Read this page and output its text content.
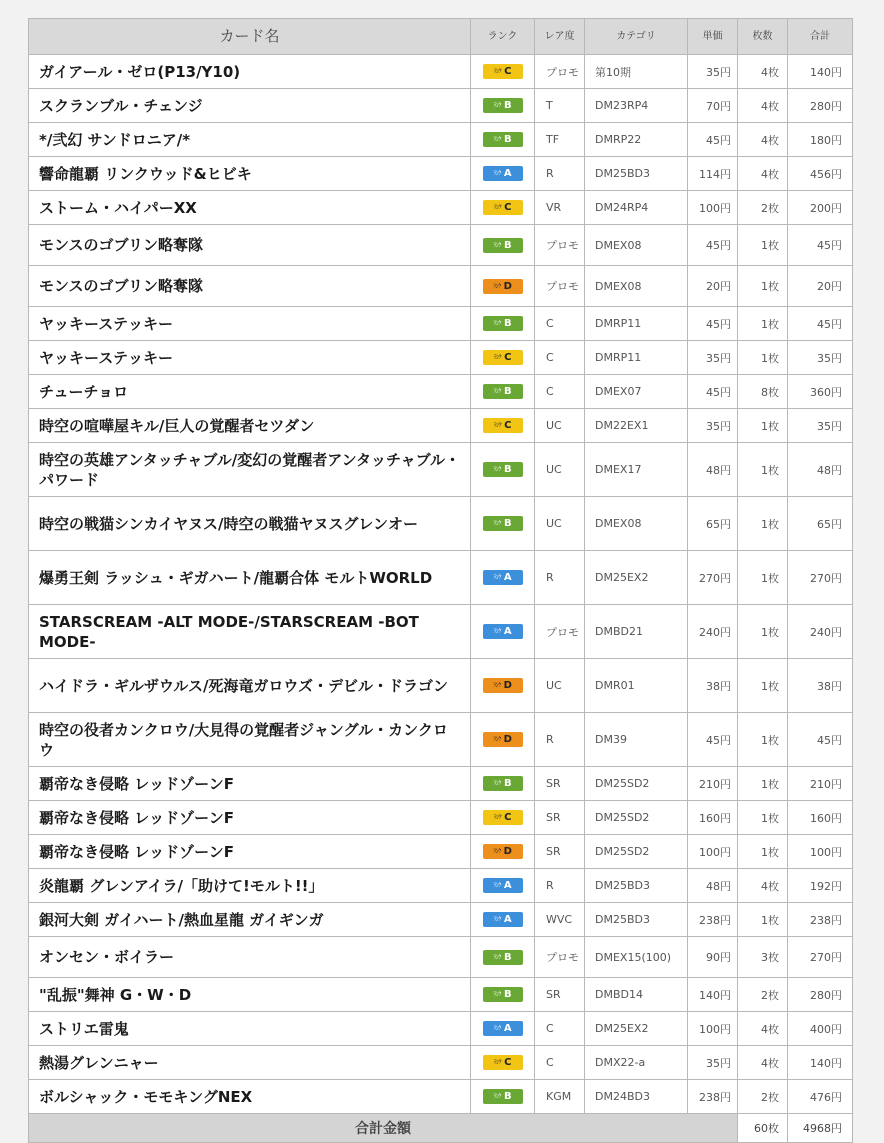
カード名	ランク	レア度	カテゴリ	単価	枚数	合計
ガイアール・ゼロ(P13/Y10)	ﾗﾝｸ C	プロモ	第10期	35円	4枚	140円
スクランブル・チェンジ	ﾗﾝｸ B	T	DM23RP4	70円	4枚	280円
*/弐幻 サンドロニア/*	ﾗﾝｸ B	TF	DMRP22	45円	4枚	180円
響命龍覇 リンクウッド&ヒビキ	ﾗﾝｸ A	R	DM25BD3	114円	4枚	456円
ストーム・ハイパーXX	ﾗﾝｸ C	VR	DM24RP4	100円	2枚	200円
モンスのゴブリン略奪隊	ﾗﾝｸ B	プロモ	DMEX08	45円	1枚	45円
モンスのゴブリン略奪隊	ﾗﾝｸ D	プロモ	DMEX08	20円	1枚	20円
ヤッキーステッキー	ﾗﾝｸ B	C	DMRP11	45円	1枚	45円
ヤッキーステッキー	ﾗﾝｸ C	C	DMRP11	35円	1枚	35円
チューチョロ	ﾗﾝｸ B	C	DMEX07	45円	8枚	360円
時空の喧嘩屋キル/巨人の覚醒者セツダン	ﾗﾝｸ C	UC	DM22EX1	35円	1枚	35円
時空の英雄アンタッチャブル/変幻の覚醒者アンタッチャブル・パワード	ﾗﾝｸ B	UC	DMEX17	48円	1枚	48円
時空の戦猫シンカイヤヌス/時空の戦猫ヤヌスグレンオー	ﾗﾝｸ B	UC	DMEX08	65円	1枚	65円
爆勇王剣 ラッシュ・ギガハート/龍覇合体 モルトWORLD	ﾗﾝｸ A	R	DM25EX2	270円	1枚	270円
STARSCREAM -ALT MODE-/STARSCREAM -BOT MODE-	ﾗﾝｸ A	プロモ	DMBD21	240円	1枚	240円
ハイドラ・ギルザウルス/死海竜ガロウズ・デビル・ドラゴン	ﾗﾝｸ D	UC	DMR01	38円	1枚	38円
時空の役者カンクロウ/大見得の覚醒者ジャングル・カンクロウ	ﾗﾝｸ D	R	DM39	45円	1枚	45円
覇帝なき侵略 レッドゾーンF	ﾗﾝｸ B	SR	DM25SD2	210円	1枚	210円
覇帝なき侵略 レッドゾーンF	ﾗﾝｸ C	SR	DM25SD2	160円	1枚	160円
覇帝なき侵略 レッドゾーンF	ﾗﾝｸ D	SR	DM25SD2	100円	1枚	100円
炎龍覇 グレンアイラ/「助けて!モルト!!」	ﾗﾝｸ A	R	DM25BD3	48円	4枚	192円
銀河大剣 ガイハート/熱血星龍 ガイギンガ	ﾗﾝｸ A	WVC	DM25BD3	238円	1枚	238円
オンセン・ボイラー	ﾗﾝｸ B	プロモ	DMEX15(100)	90円	3枚	270円
"乱振"舞神 G・W・D	ﾗﾝｸ B	SR	DMBD14	140円	2枚	280円
ストリエ雷鬼	ﾗﾝｸ A	C	DM25EX2	100円	4枚	400円
熱湯グレンニャー	ﾗﾝｸ C	C	DMX22-a	35円	4枚	140円
ボルシャック・モモキングNEX	ﾗﾝｸ B	KGM	DM24BD3	238円	2枚	476円
合計金額					60枚	4968円
